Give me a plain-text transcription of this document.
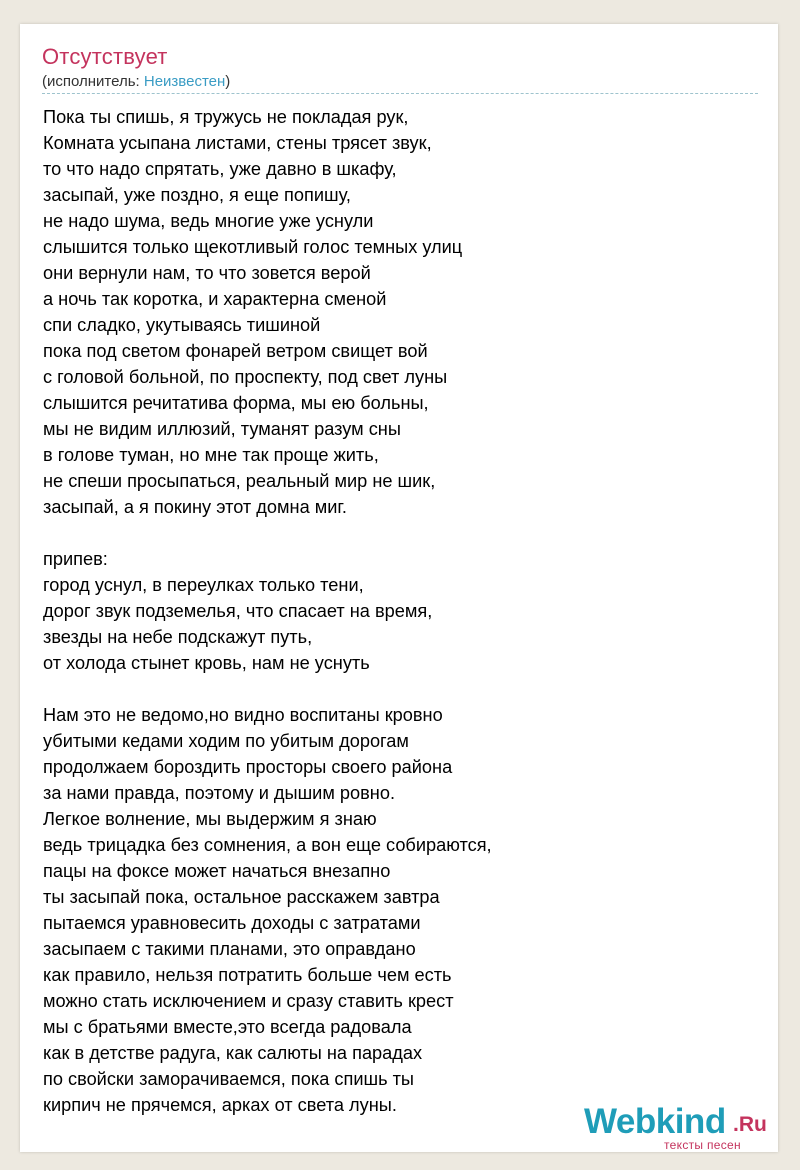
Отсутствует
(исполнитель: Неизвестен)
Пока ты спишь, я тружусь не покладая рук,
Комната усыпана листами, стены трясет звук,
то что надо спрятать, уже давно в шкафу,
засыпай, уже поздно, я еще попишу,
не надо шума, ведь многие уже уснули
слышится только щекотливый голос темных улиц
они вернули нам, то что зовется верой
а ночь так коротка, и характерна сменой
спи сладко, укутываясь тишиной
пока под светом фонарей ветром свищет вой
с головой больной, по проспекту, под свет луны
слышится речитатива форма, мы ею больны,
мы не видим иллюзий, туманят разум сны
в голове туман, но мне так проще жить,
не спеши просыпаться, реальный мир не шик,
засыпай, а я покину этот домна миг.
припев:
город уснул, в переулках только тени,
дорог звук подземелья, что спасает на время,
звезды на небе подскажут путь,
от холода стынет кровь, нам не уснуть
Нам это не ведомо,но видно воспитаны кровно
убитыми кедами ходим по убитым дорогам
продолжаем бороздить просторы своего района
за нами правда, поэтому и дышим ровно.
Легкое волнение, мы выдержим я знаю
ведь трицадка без сомнения, а вон еще собираются,
пацы на фоксе может начаться внезапно
ты засыпай пока, остальное расскажем завтра
пытаемся уравновесить доходы с затратами
засыпаем с такими планами, это оправдано
как правило, нельзя потратить больше чем есть
можно стать исключением и сразу ставить крест
мы с братьями вместе,это всегда радовала
как в детстве радуга, как салюты на парадах
по свойски заморачиваемся, пока спишь ты
кирпич не прячемся, арках от света луны.	Webkind .Ru
тексты песен
